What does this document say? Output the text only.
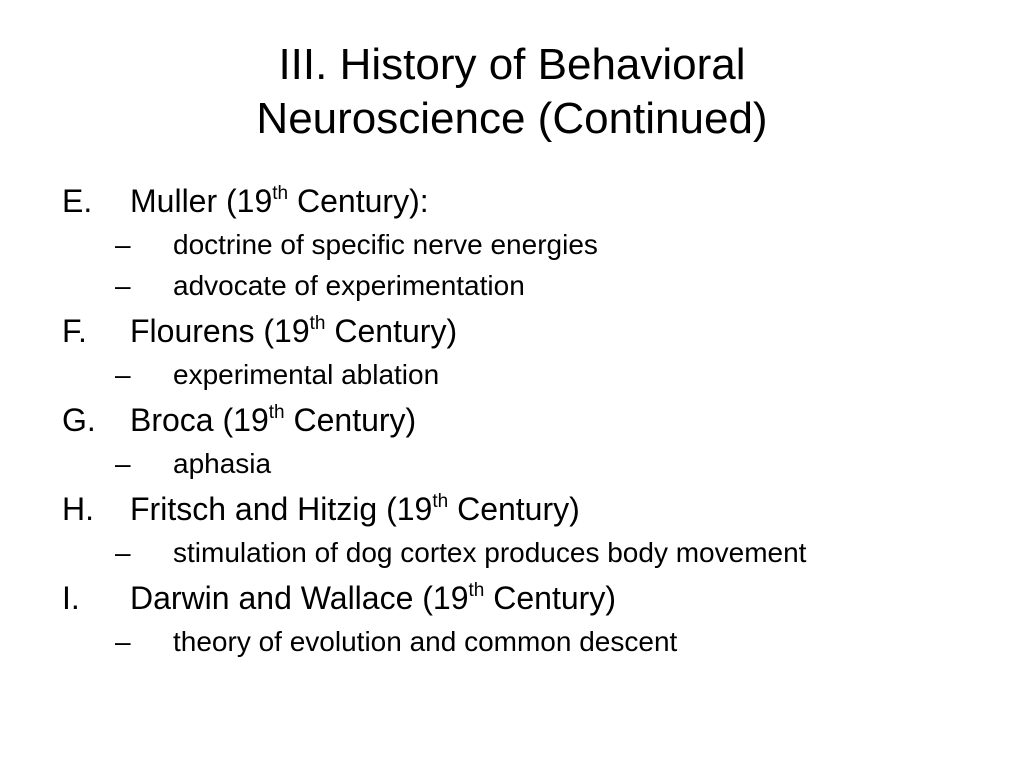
III. History of Behavioral
Neuroscience (Continued)
E. Muller (19th Century):
– doctrine of specific nerve energies
– advocate of experimentation
F. Flourens (19th Century)
– experimental ablation
G. Broca (19th Century)
– aphasia
H. Fritsch and Hitzig (19th Century)
– stimulation of dog cortex produces body movement
I. Darwin and Wallace (19th Century)
– theory of evolution and common descent
